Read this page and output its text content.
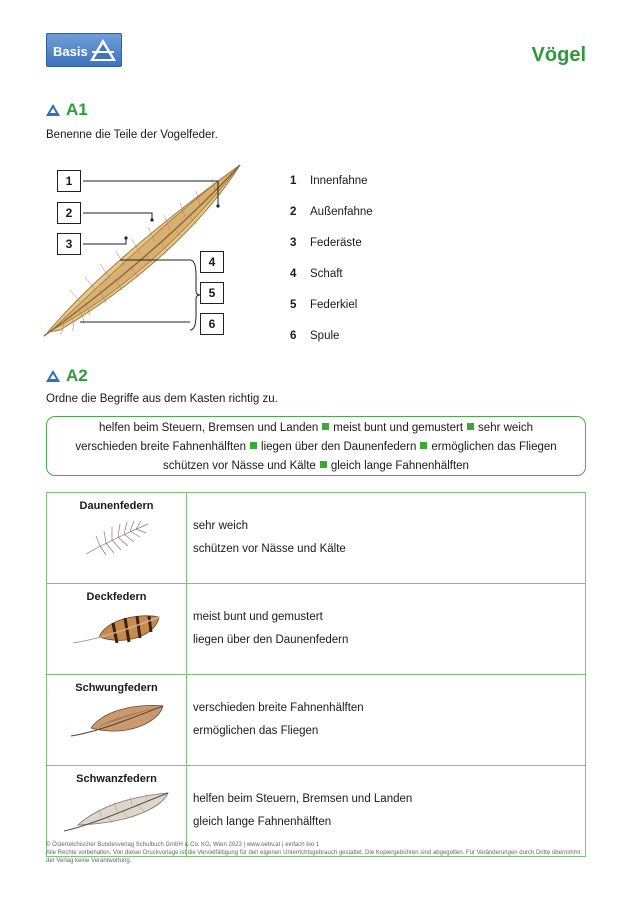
Basis	Vögel
A1
Benenne die Teile der Vogelfeder.
1
2
3
4
5
6
1 Innenfahne
2 Außenfahne
3 Federäste
4 Schaft
5 Federkiel
6 Spule
A2
Ordne die Begriffe aus dem Kasten richtig zu.
helfen beim Steuern, Bremsen und Landen meist bunt und gemustert sehr weich
verschieden breite Fahnenhälften liegen über den Daunenfedern ermöglichen das Fliegen
schützen vor Nässe und Kälte gleich lange Fahnenhälften
Daunenfedern	sehr weich
schützen vor Nässe und Kälte

Deckfedern	meist bunt und gemustert
liegen über den Daunenfedern

Schwungfedern	verschieden breite Fahnenhälften
ermöglichen das Fliegen

Schwanzfedern	helfen beim Steuern, Bremsen und Landen
gleich lange Fahnenhälften
© Österreichischer Bundesverlag Schulbuch GmbH & Co. KG, Wien 2023 | www.oebv.at | einfach bio 1
Alle Rechte vorbehalten. Von dieser Druckvorlage ist die Vervielfältigung für den eigenen Unterrichtsgebrauch gestattet. Die Kopiergebühren sind abgegolten. Für Veränderungen durch Dritte übernimmt der Verlag keine Verantwortung.
